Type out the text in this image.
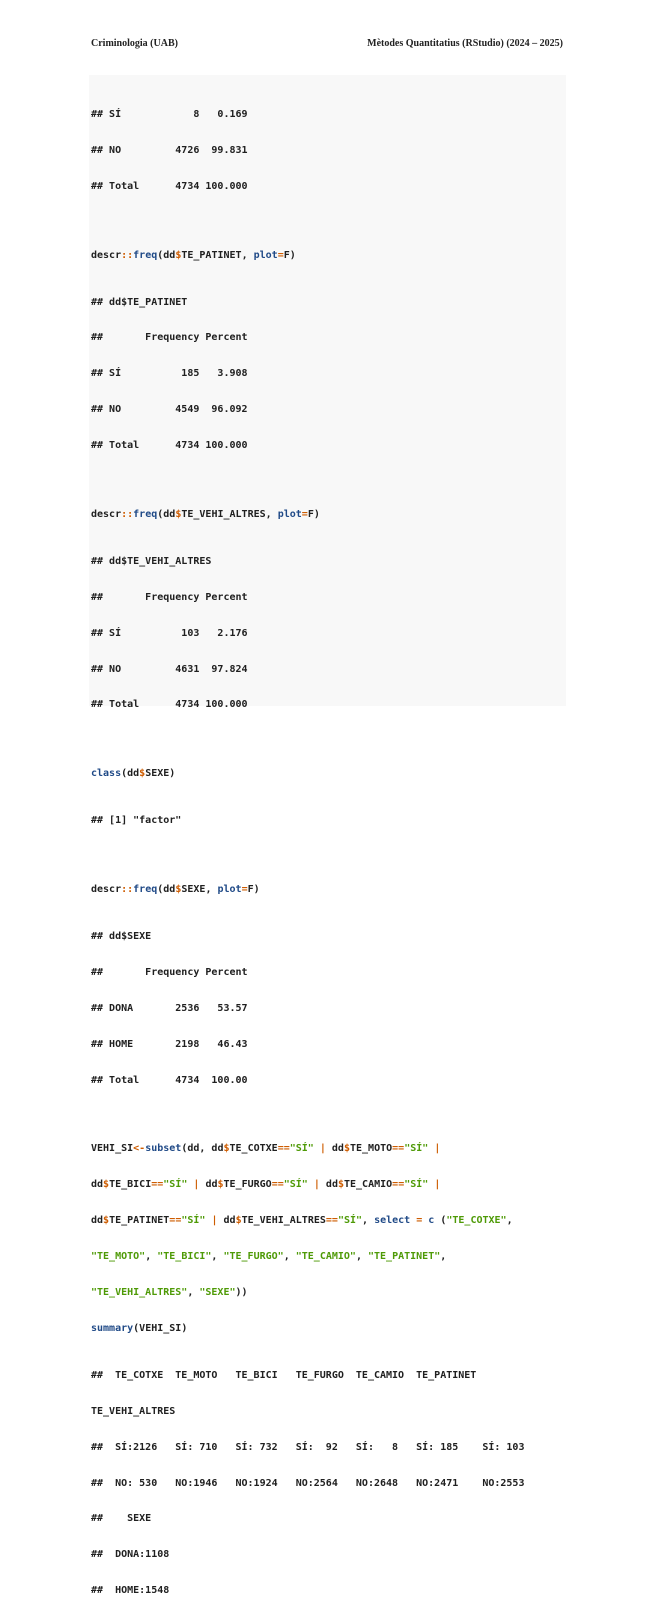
Criminologia (UAB)	Mètodes Quantitatius (RStudio) (2024 – 2025)

## SÍ            8   0.169

## NO         4726  99.831

## Total      4734 100.000

descr::freq(dd$TE_PATINET, plot=F)

## dd$TE_PATINET

##       Frequency Percent

## SÍ          185   3.908

## NO         4549  96.092

## Total      4734 100.000

descr::freq(dd$TE_VEHI_ALTRES, plot=F)

## dd$TE_VEHI_ALTRES

##       Frequency Percent

## SÍ          103   2.176

## NO         4631  97.824

## Total      4734 100.000

class(dd$SEXE)

## [1] "factor"

descr::freq(dd$SEXE, plot=F)

## dd$SEXE

##       Frequency Percent

## DONA       2536   53.57

## HOME       2198   46.43

## Total      4734  100.00

VEHI_SI<-subset(dd, dd$TE_COTXE=="SÍ" | dd$TE_MOTO=="SÍ" |

dd$TE_BICI=="SÍ" | dd$TE_FURGO=="SÍ" | dd$TE_CAMIO=="SÍ" |

dd$TE_PATINET=="SÍ" | dd$TE_VEHI_ALTRES=="SÍ", select = c ("TE_COTXE",

"TE_MOTO", "TE_BICI", "TE_FURGO", "TE_CAMIO", "TE_PATINET",

"TE_VEHI_ALTRES", "SEXE"))

summary(VEHI_SI)

##  TE_COTXE  TE_MOTO   TE_BICI   TE_FURGO  TE_CAMIO  TE_PATINET

TE_VEHI_ALTRES

##  SÍ:2126   SÍ: 710   SÍ: 732   SÍ:  92   SÍ:   8   SÍ: 185    SÍ: 103

##  NO: 530   NO:1946   NO:1924   NO:2564   NO:2648   NO:2471    NO:2553

##    SEXE

##  DONA:1108

##  HOME:1548
